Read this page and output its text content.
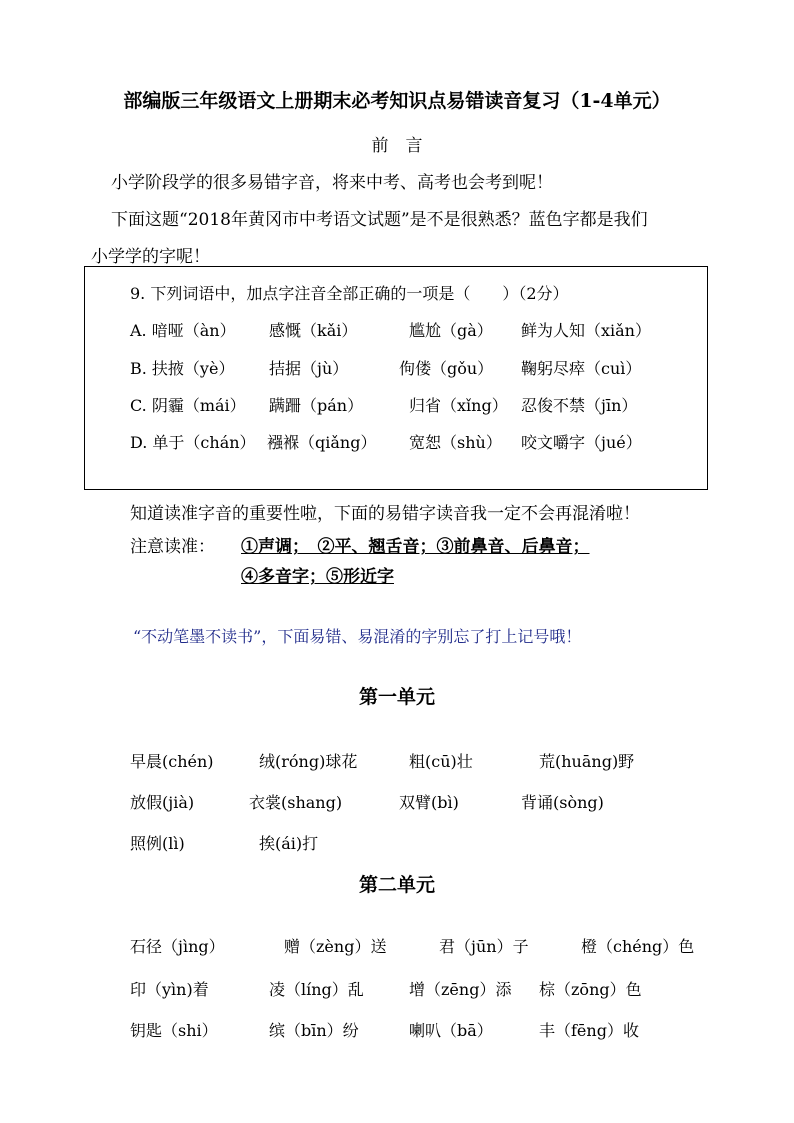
部编版三年级语文上册期末必考知识点易错读音复习（1-4单元）
前　言
小学阶段学的很多易错字音，将来中考、高考也会考到呢！
下面这题“2018年黄冈市中考语文试题”是不是很熟悉？蓝色字都是我们
小学学的字呢！
9. 下列词语中，加点字注音全部正确的一项是（　　）（2分）
A. 喑哑（àn） 感慨（kǎi）	尴尬（gà） 鲜为人知（xiǎn）
B. 扶掖（yè） 拮据（jù）	佝偻（gǒu） 鞠躬尽瘁（cuì）
C. 阴霾（mái） 蹒跚（pán）	归省（xǐng） 忍俊不禁（jīn）
D. 单于（chán） 襁褓（qiǎng） 宽恕（shù） 咬文嚼字（jué）
知道读准字音的重要性啦，下面的易错字读音我一定不会再混淆啦！
注意读准： ①声调；　②平、翘舌音；③前鼻音、后鼻音；
④多音字；⑤形近字
“不动笔墨不读书”，下面易错、易混淆的字别忘了打上记号哦！
第一单元
早晨(chén)	绒(róng)球花	粗(cū)壮	荒(huāng)野
放假(jià)	衣裳(shang)	双臂(bì)	背诵(sòng)
照例(lì)	挨(ái)打
第二单元
石径（jìng）	赠（zèng）送	君（jūn）子	橙（chéng）色
印（yìn)着	凌（líng）乱	增（zēng）添 棕（zōng）色
钥匙（shi）	缤（bīn）纷	喇叭（bā）	丰（fēng）收
